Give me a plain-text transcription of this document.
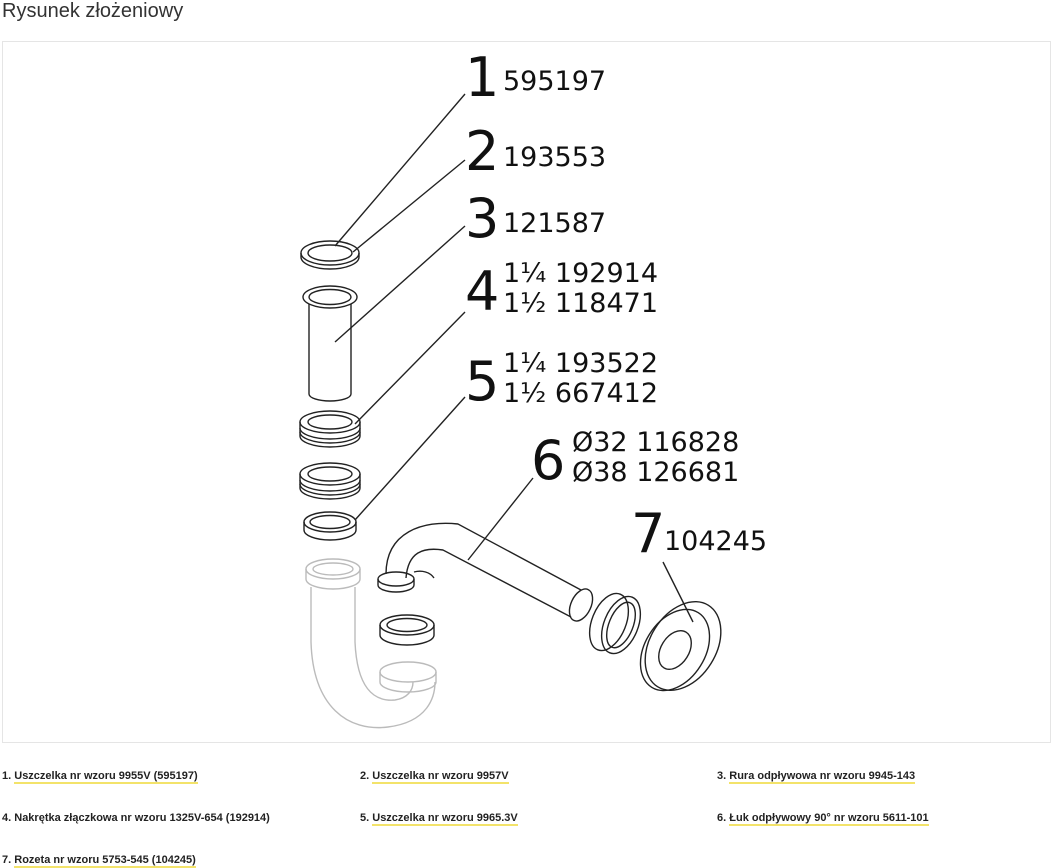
Rysunek złożeniowy
1 595197
2 193553
3 121587
4 1¼ 192914
1½ 118471
5 1¼ 193522
1½ 667412
6 Ø32 116828
Ø38 126681
7
104245
1. Uszczelka nr wzoru 9955V (595197)	2. Uszczelka nr wzoru 9957V	3. Rura odpływowa nr wzoru 9945-143
4. Nakrętka złączkowa nr wzoru 1325V-654 (192914)	5. Uszczelka nr wzoru 9965.3V	6. Łuk odpływowy 90° nr wzoru 5611-101
7. Rozeta nr wzoru 5753-545 (104245)
